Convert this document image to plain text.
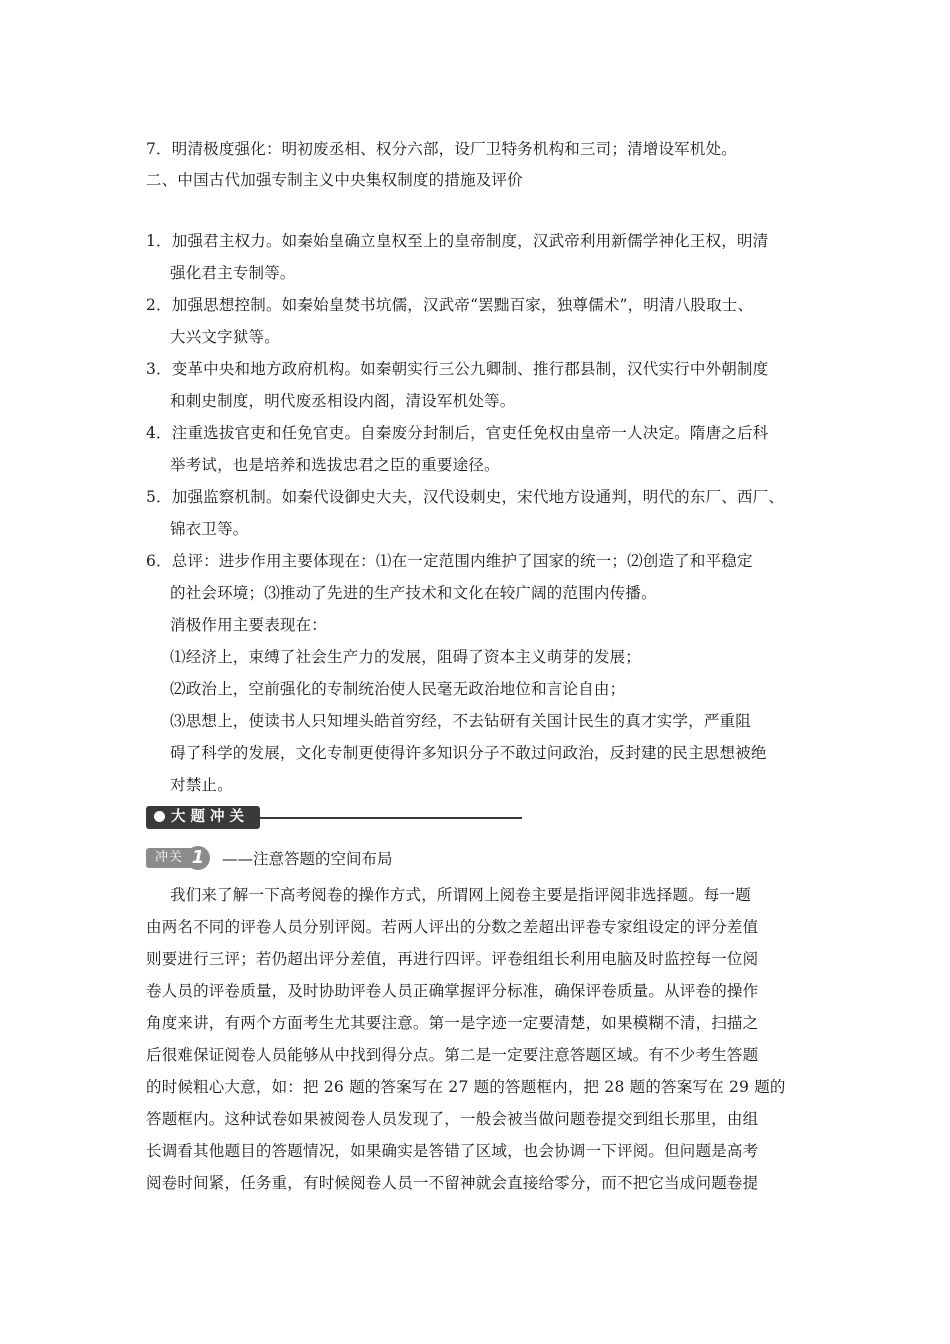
7．明清极度强化：明初废丞相、权分六部，设厂卫特务机构和三司；清增设军机处。
二、中国古代加强专制主义中央集权制度的措施及评价
1．加强君主权力。如秦始皇确立皇权至上的皇帝制度，汉武帝利用新儒学神化王权，明清
强化君主专制等。
2．加强思想控制。如秦始皇焚书坑儒，汉武帝“罢黜百家，独尊儒术”，明清八股取士、
大兴文字狱等。
3．变革中央和地方政府机构。如秦朝实行三公九卿制、推行郡县制，汉代实行中外朝制度
和刺史制度，明代废丞相设内阁，清设军机处等。
4．注重选拔官吏和任免官吏。自秦废分封制后，官吏任免权由皇帝一人决定。隋唐之后科
举考试，也是培养和选拔忠君之臣的重要途径。
5．加强监察机制。如秦代设御史大夫，汉代设刺史，宋代地方设通判，明代的东厂、西厂、
锦衣卫等。
6．总评：进步作用主要体现在：⑴在一定范围内维护了国家的统一；⑵创造了和平稳定
的社会环境；⑶推动了先进的生产技术和文化在较广阔的范围内传播。
消极作用主要表现在：
⑴经济上，束缚了社会生产力的发展，阻碍了资本主义萌芽的发展；
⑵政治上，空前强化的专制统治使人民毫无政治地位和言论自由；
⑶思想上，使读书人只知埋头皓首穷经，不去钻研有关国计民生的真才实学，严重阻
碍了科学的发展，文化专制更使得许多知识分子不敢过问政治，反封建的民主思想被绝
对禁止。
大题冲关
冲关 1	——注意答题的空间布局
我们来了解一下高考阅卷的操作方式，所谓网上阅卷主要是指评阅非选择题。每一题
由两名不同的评卷人员分别评阅。若两人评出的分数之差超出评卷专家组设定的评分差值
则要进行三评；若仍超出评分差值，再进行四评。评卷组组长利用电脑及时监控每一位阅
卷人员的评卷质量，及时协助评卷人员正确掌握评分标准，确保评卷质量。从评卷的操作
角度来讲，有两个方面考生尤其要注意。第一是字迹一定要清楚，如果模糊不清，扫描之
后很难保证阅卷人员能够从中找到得分点。第二是一定要注意答题区域。有不少考生答题
的时候粗心大意，如：把 26 题的答案写在 27 题的答题框内，把 28 题的答案写在 29 题的
答题框内。这种试卷如果被阅卷人员发现了，一般会被当做问题卷提交到组长那里，由组
长调看其他题目的答题情况，如果确实是答错了区域，也会协调一下评阅。但问题是高考
阅卷时间紧，任务重，有时候阅卷人员一不留神就会直接给零分，而不把它当成问题卷提
